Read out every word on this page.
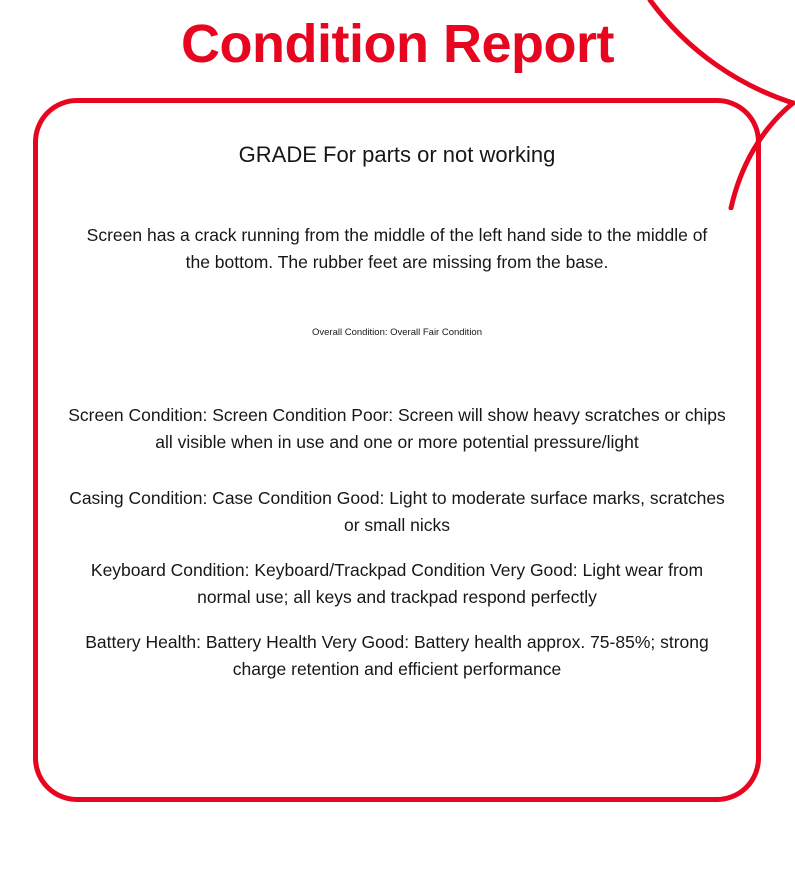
Condition Report
GRADE For parts or not working
Screen has a crack running from the middle of the left hand side to the middle of the bottom. The rubber feet are missing from the base.
Overall Condition: Overall Fair Condition
Screen Condition: Screen Condition Poor: Screen will show heavy scratches or chips all visible when in use and one or more potential pressure/light
Casing Condition: Case Condition Good: Light to moderate surface marks, scratches or small nicks
Keyboard Condition: Keyboard/Trackpad Condition Very Good: Light wear from normal use; all keys and trackpad respond perfectly
Battery Health: Battery Health Very Good: Battery health approx. 75-85%; strong charge retention and efficient performance
